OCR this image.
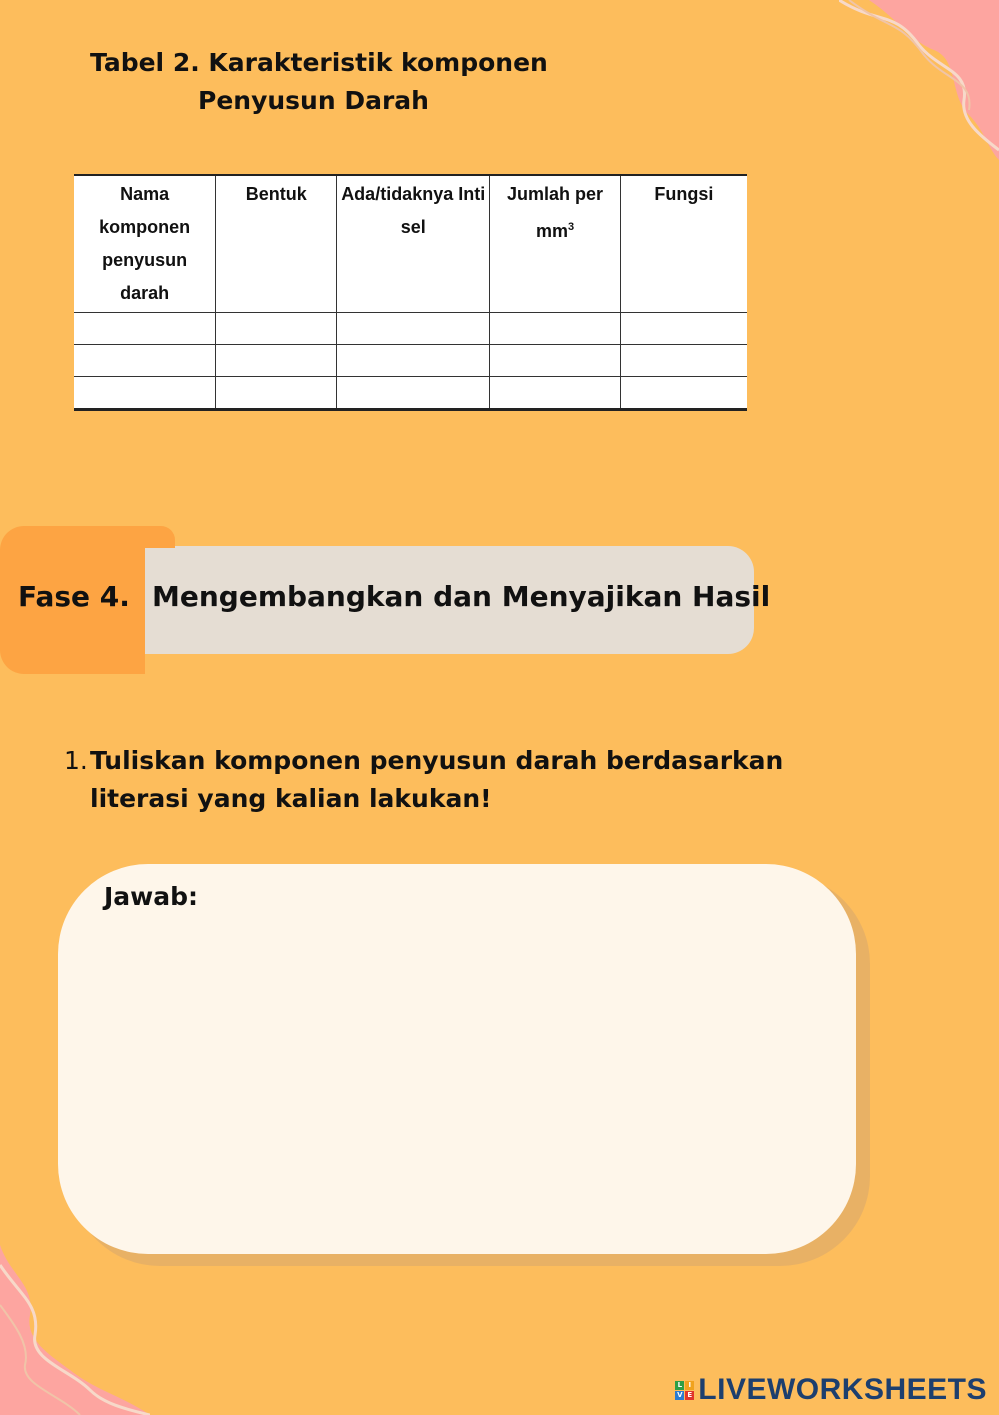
Tabel 2. Karakteristik komponen
Penyusun Darah
Nama komponen penyusun darah	Bentuk	Ada/tidaknya Inti sel	Jumlah per $mm^3$	Fungsi

Fase 4. Mengembangkan dan Menyajikan Hasil
1. Tuliskan komponen penyusun darah berdasarkan literasi yang kalian lakukan!
Jawab:
L I
V E LIVEWORKSHEETS
